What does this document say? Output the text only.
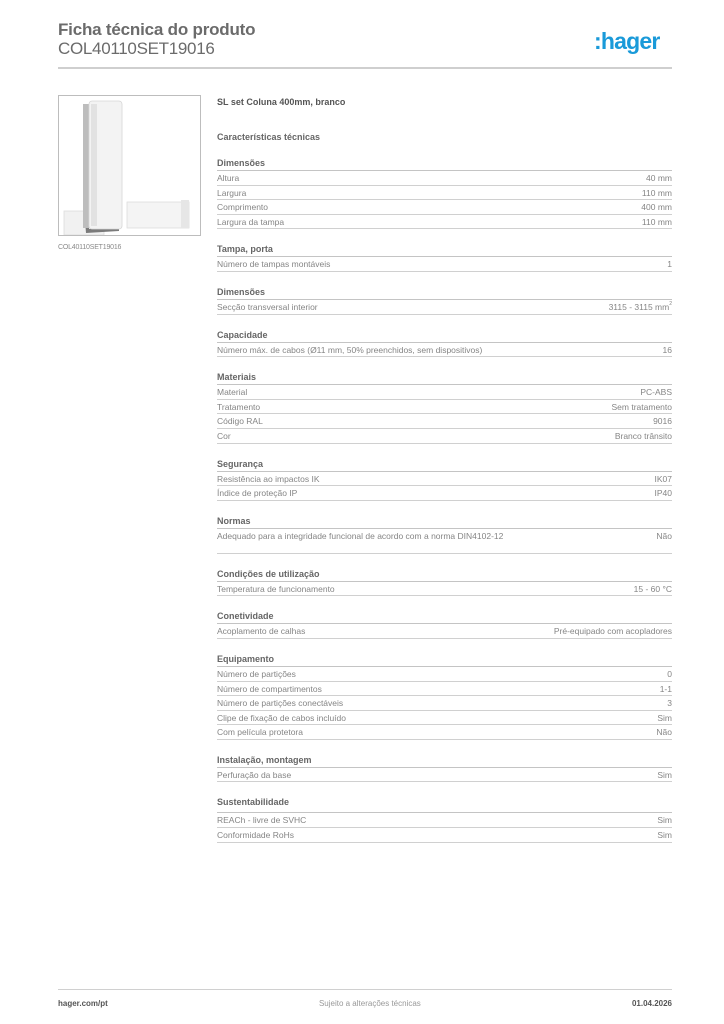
Ficha técnica do produto
COL40110SET19016	:hager
COL40110SET19016
SL set Coluna 400mm, branco
Características técnicas
Dimensões
Altura	40 mm
Largura	110 mm
Comprimento	400 mm
Largura da tampa	110 mm
Tampa, porta
Número de tampas montáveis	1
Dimensões
Secção transversal interior	3115 - 3115 $mm^2$
Capacidade
Número máx. de cabos (Ø11 mm, 50% preenchidos, sem dispositivos)	16
Materiais
Material	PC-ABS
Tratamento	Sem tratamento
Código RAL	9016
Cor	Branco trânsito
Segurança
Resistência ao impactos IK	IK07
Índice de proteção IP	IP40
Normas
Adequado para a integridade funcional de acordo com a norma DIN4102-12	Não
Condições de utilização
Temperatura de funcionamento	15 - 60 °C
Conetividade
Acoplamento de calhas	Pré-equipado com acopladores
Equipamento
Número de partições	0
Número de compartimentos	1-1
Número de partições conectáveis	3
Clipe de fixação de cabos incluído	Sim
Com película protetora	Não
Instalação, montagem
Perfuração da base	Sim
Sustentabilidade
REACh - livre de SVHC	Sim
Conformidade RoHs	Sim
hager.com/pt	Sujeito a alterações técnicas	01.04.2026
